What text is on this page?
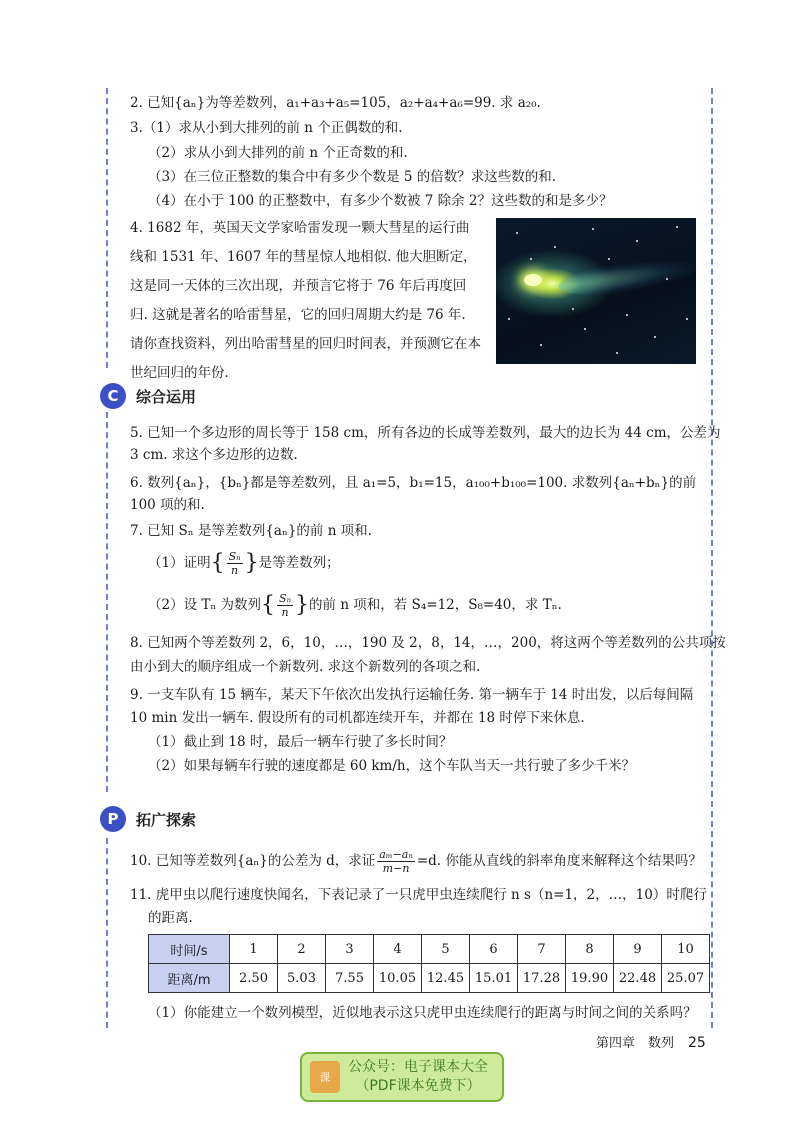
2. 已知{aₙ}为等差数列，a₁+a₃+a₅=105，a₂+a₄+a₆=99. 求 a₂₀.
3.（1）求从小到大排列的前 n 个正偶数的和.
（2）求从小到大排列的前 n 个正奇数的和.
（3）在三位正整数的集合中有多少个数是 5 的倍数？求这些数的和.
（4）在小于 100 的正整数中，有多少个数被 7 除余 2？这些数的和是多少？
4. 1682 年，英国天文学家哈雷发现一颗大彗星的运行曲线和 1531 年、1607 年的彗星惊人地相似. 他大胆断定，这是同一天体的三次出现，并预言它将于 76 年后再度回归. 这就是著名的哈雷彗星，它的回归周期大约是 76 年. 请你查找资料，列出哈雷彗星的回归时间表，并预测它在本世纪回归的年份.
C	综合运用
5. 已知一个多边形的周长等于 158 cm，所有各边的长成等差数列，最大的边长为 44 cm，公差为
3 cm. 求这个多边形的边数.
6. 数列{aₙ}，{bₙ}都是等差数列，且 a₁=5，b₁=15，a₁₀₀+b₁₀₀=100. 求数列{aₙ+bₙ}的前
100 项的和.
7. 已知 Sₙ 是等差数列{aₙ}的前 n 项和.
（1）证明{ $\frac{\text{Sₙ}}{n}$ }是等差数列；
（2）设 Tₙ 为数列{ $\frac{\text{Sₙ}}{n}$ }的前 n 项和，若 S₄=12，S₈=40，求 Tₙ.
8. 已知两个等差数列 2，6，10，…，190 及 2，8，14，…，200，将这两个等差数列的公共项按
由小到大的顺序组成一个新数列. 求这个新数列的各项之和.
9. 一支车队有 15 辆车，某天下午依次出发执行运输任务. 第一辆车于 14 时出发，以后每间隔
10 min 发出一辆车. 假设所有的司机都连续开车，并都在 18 时停下来休息.
（1）截止到 18 时，最后一辆车行驶了多长时间？
（2）如果每辆车行驶的速度都是 60 km/h，这个车队当天一共行驶了多少千米？
P	拓广探索
10. 已知等差数列{aₙ}的公差为 d，求证 $\frac{\text{aₘ−aₙ}}{m-n} =d$. 你能从直线的斜率角度来解释这个结果吗？
11. 虎甲虫以爬行速度快闻名，下表记录了一只虎甲虫连续爬行 n s（n=1，2，…，10）时爬行
的距离.
时间/s	1	2	3	4	5	6	7	8	9	10
距离/m	2.50	5.03	7.55	10.05	12.45	15.01	17.28	19.90	22.48	25.07
（1）你能建立一个数列模型，近似地表示这只虎甲虫连续爬行的距离与时间之间的关系吗？
第四章　数列 25
课
公众号：电子课本大全
（PDF课本免费下）
